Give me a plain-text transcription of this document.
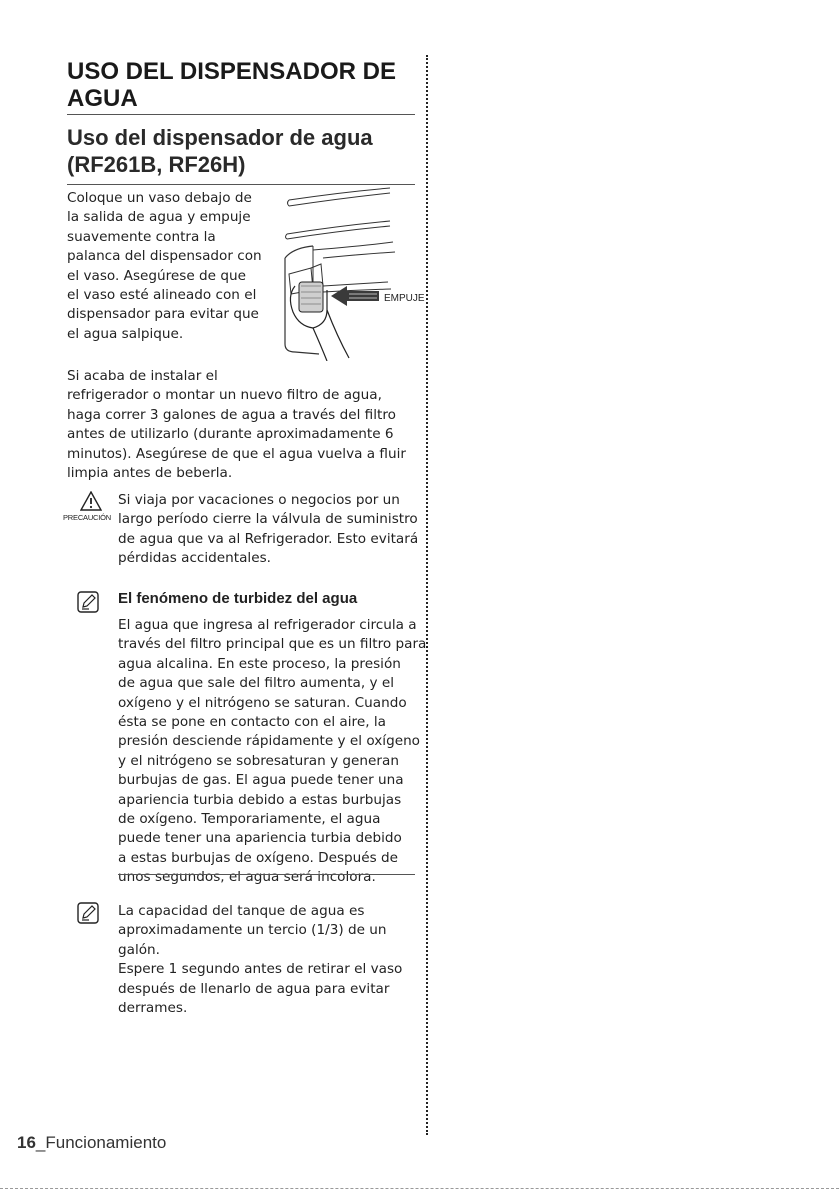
USO DEL DISPENSADOR DE
AGUA
Uso del dispensador de agua
(RF261B, RF26H)
Coloque un vaso debajo de
la salida de agua y empuje
suavemente contra la
palanca del dispensador con
el vaso. Asegúrese de que
el vaso esté alineado con el
dispensador para evitar que
el agua salpique.
EMPUJE
Si acaba de instalar el
refrigerador o montar un nuevo filtro de agua,
haga correr 3 galones de agua a través del filtro
antes de utilizarlo (durante aproximadamente 6
minutos). Asegúrese de que el agua vuelva a fluir
limpia antes de beberla.
PRECAUCIÓN
Si viaja por vacaciones o negocios por un
largo período cierre la válvula de suministro
de agua que va al Refrigerador. Esto evitará
pérdidas accidentales.
El fenómeno de turbidez del agua
El agua que ingresa al refrigerador circula a
través del filtro principal que es un filtro para
agua alcalina. En este proceso, la presión
de agua que sale del filtro aumenta, y el
oxígeno y el nitrógeno se saturan. Cuando
ésta se pone en contacto con el aire, la
presión desciende rápidamente y el oxígeno
y el nitrógeno se sobresaturan y generan
burbujas de gas. El agua puede tener una
apariencia turbia debido a estas burbujas
de oxígeno. Temporariamente, el agua
puede tener una apariencia turbia debido
a estas burbujas de oxígeno. Después de
unos segundos, el agua será incolora.
La capacidad del tanque de agua es
aproximadamente un tercio (1/3) de un
galón.
Espere 1 segundo antes de retirar el vaso
después de llenarlo de agua para evitar
derrames.
16_Funcionamiento
